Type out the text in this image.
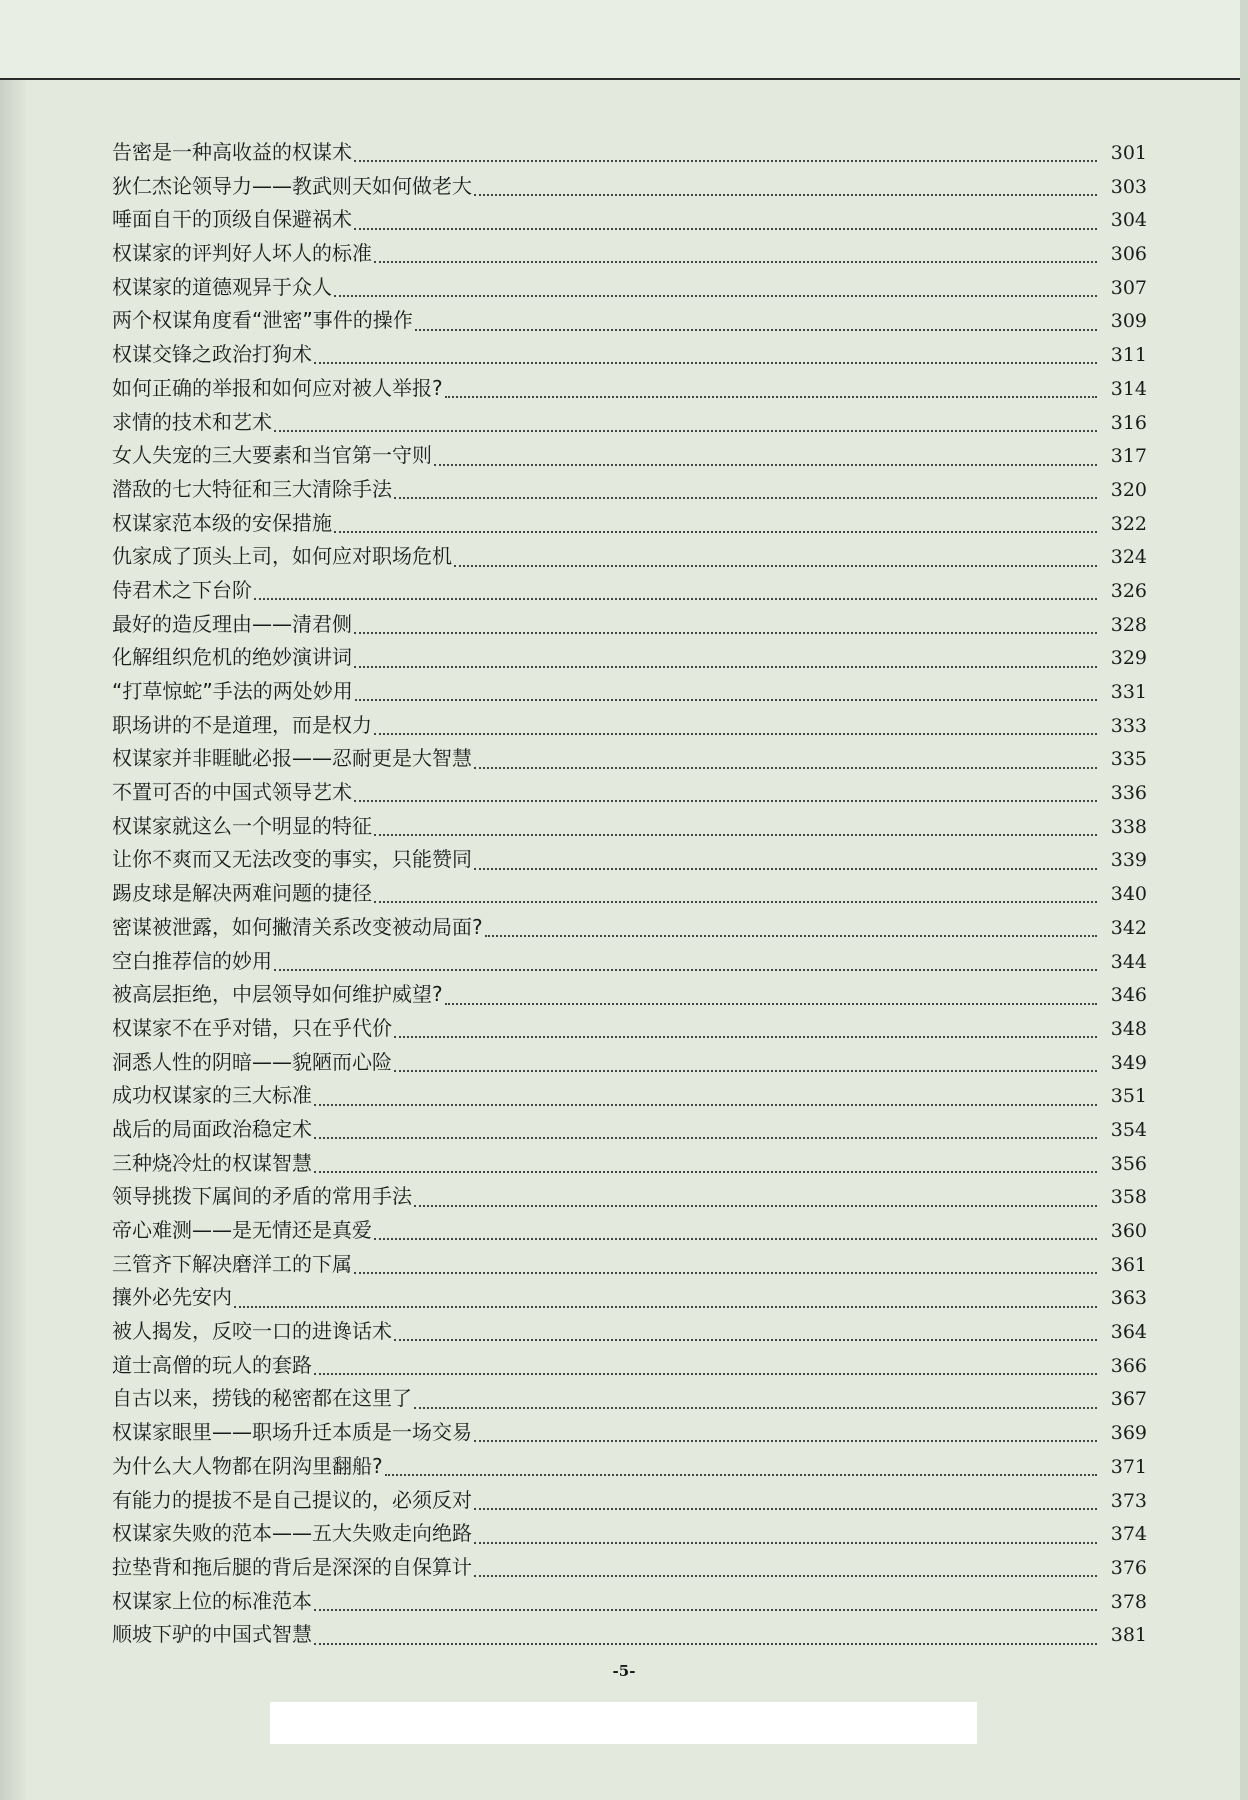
告密是一种高收益的权谋术	301
狄仁杰论领导力——教武则天如何做老大	303
唾面自干的顶级自保避祸术	304
权谋家的评判好人坏人的标准	306
权谋家的道德观异于众人	307
两个权谋角度看“泄密”事件的操作	309
权谋交锋之政治打狗术	311
如何正确的举报和如何应对被人举报?	314
求情的技术和艺术	316
女人失宠的三大要素和当官第一守则	317
潜敌的七大特征和三大清除手法	320
权谋家范本级的安保措施	322
仇家成了顶头上司，如何应对职场危机	324
侍君术之下台阶	326
最好的造反理由——清君侧	328
化解组织危机的绝妙演讲词	329
“打草惊蛇”手法的两处妙用	331
职场讲的不是道理，而是权力	333
权谋家并非睚眦必报——忍耐更是大智慧	335
不置可否的中国式领导艺术	336
权谋家就这么一个明显的特征	338
让你不爽而又无法改变的事实，只能赞同	339
踢皮球是解决两难问题的捷径	340
密谋被泄露，如何撇清关系改变被动局面?	342
空白推荐信的妙用	344
被高层拒绝，中层领导如何维护威望?	346
权谋家不在乎对错，只在乎代价	348
洞悉人性的阴暗——貌陋而心险	349
成功权谋家的三大标准	351
战后的局面政治稳定术	354
三种烧冷灶的权谋智慧	356
领导挑拨下属间的矛盾的常用手法	358
帝心难测——是无情还是真爱	360
三管齐下解决磨洋工的下属	361
攘外必先安内	363
被人揭发，反咬一口的进谗话术	364
道士高僧的玩人的套路	366
自古以来，捞钱的秘密都在这里了	367
权谋家眼里——职场升迁本质是一场交易	369
为什么大人物都在阴沟里翻船?	371
有能力的提拔不是自己提议的，必须反对	373
权谋家失败的范本——五大失败走向绝路	374
拉垫背和拖后腿的背后是深深的自保算计	376
权谋家上位的标准范本	378
顺坡下驴的中国式智慧	381
-5-
